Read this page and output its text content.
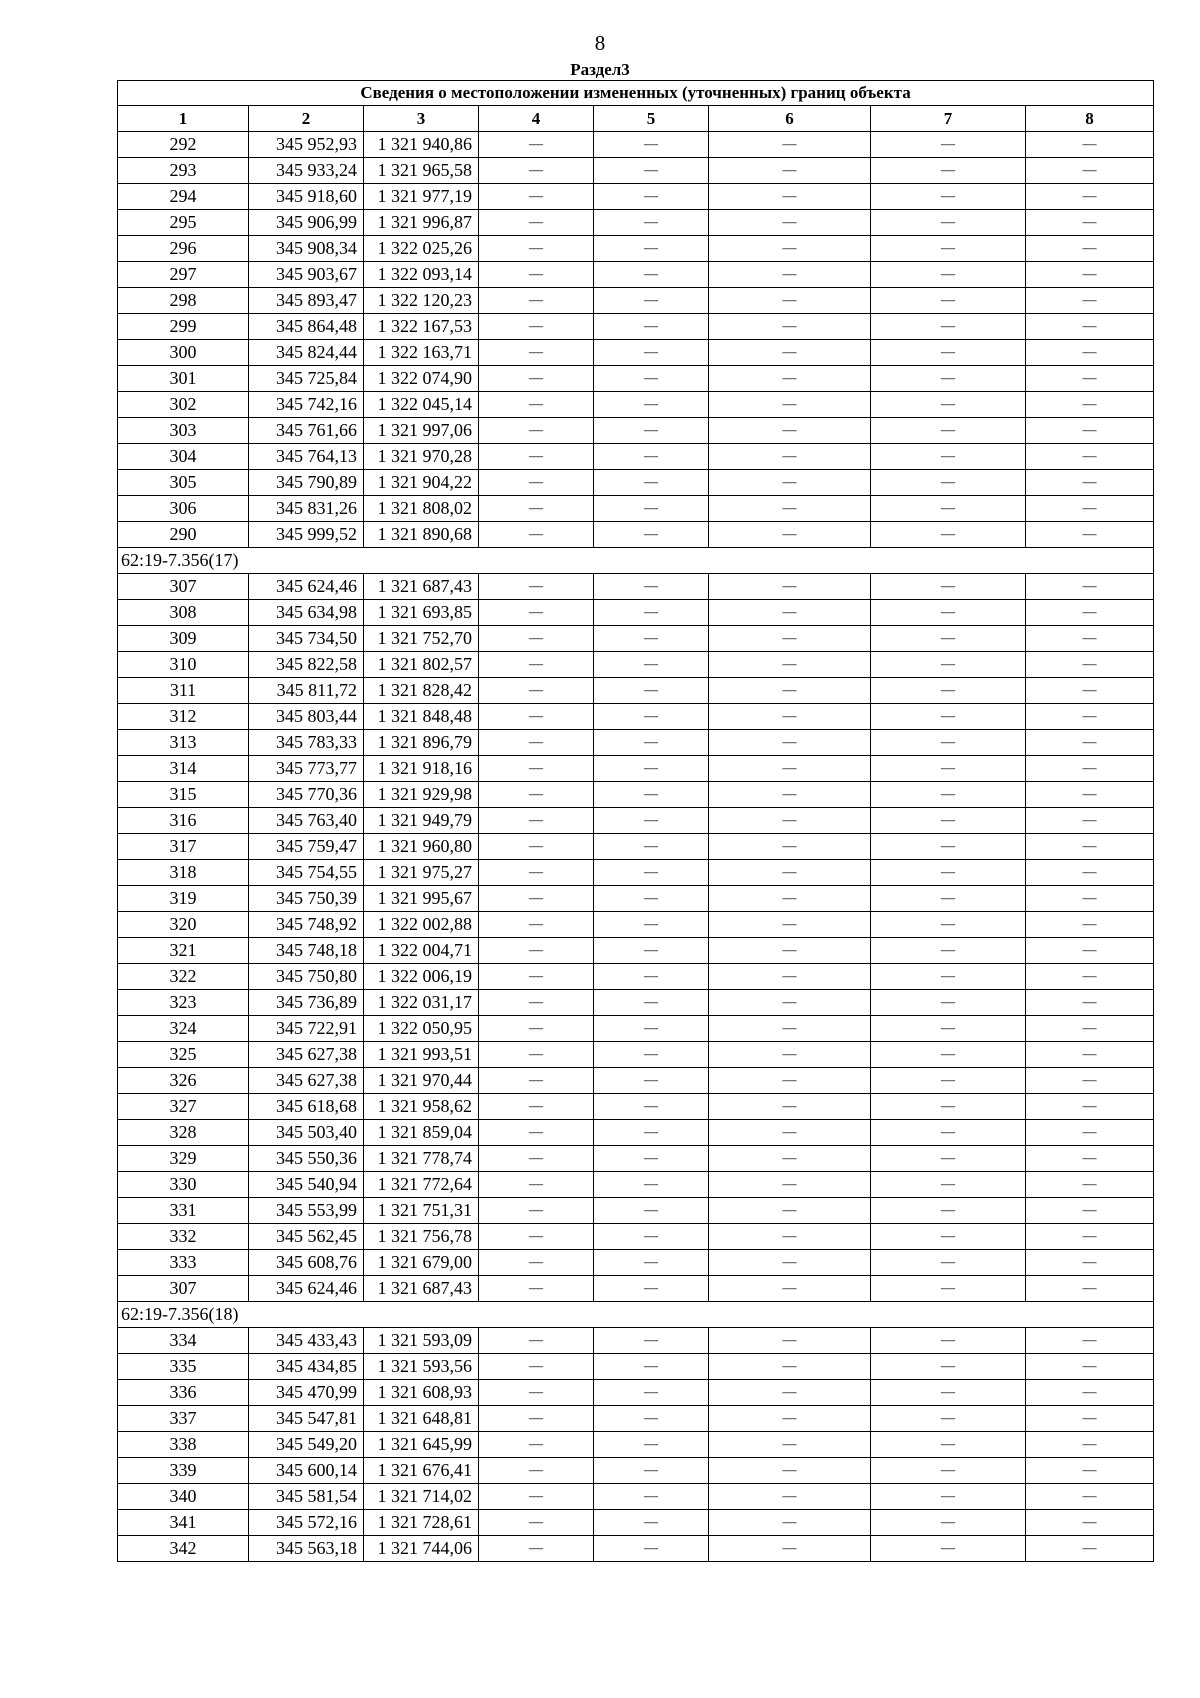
8
Раздел3
Сведения о местоположении измененных (уточненных) границ объекта							
1	2	3	4	5	6	7	8
292	345 952,93	1 321 940,86	—	—	—	—	—
293	345 933,24	1 321 965,58	—	—	—	—	—
294	345 918,60	1 321 977,19	—	—	—	—	—
295	345 906,99	1 321 996,87	—	—	—	—	—
296	345 908,34	1 322 025,26	—	—	—	—	—
297	345 903,67	1 322 093,14	—	—	—	—	—
298	345 893,47	1 322 120,23	—	—	—	—	—
299	345 864,48	1 322 167,53	—	—	—	—	—
300	345 824,44	1 322 163,71	—	—	—	—	—
301	345 725,84	1 322 074,90	—	—	—	—	—
302	345 742,16	1 322 045,14	—	—	—	—	—
303	345 761,66	1 321 997,06	—	—	—	—	—
304	345 764,13	1 321 970,28	—	—	—	—	—
305	345 790,89	1 321 904,22	—	—	—	—	—
306	345 831,26	1 321 808,02	—	—	—	—	—
290	345 999,52	1 321 890,68	—	—	—	—	—
62:19-7.356(17)							
307	345 624,46	1 321 687,43	—	—	—	—	—
308	345 634,98	1 321 693,85	—	—	—	—	—
309	345 734,50	1 321 752,70	—	—	—	—	—
310	345 822,58	1 321 802,57	—	—	—	—	—
311	345 811,72	1 321 828,42	—	—	—	—	—
312	345 803,44	1 321 848,48	—	—	—	—	—
313	345 783,33	1 321 896,79	—	—	—	—	—
314	345 773,77	1 321 918,16	—	—	—	—	—
315	345 770,36	1 321 929,98	—	—	—	—	—
316	345 763,40	1 321 949,79	—	—	—	—	—
317	345 759,47	1 321 960,80	—	—	—	—	—
318	345 754,55	1 321 975,27	—	—	—	—	—
319	345 750,39	1 321 995,67	—	—	—	—	—
320	345 748,92	1 322 002,88	—	—	—	—	—
321	345 748,18	1 322 004,71	—	—	—	—	—
322	345 750,80	1 322 006,19	—	—	—	—	—
323	345 736,89	1 322 031,17	—	—	—	—	—
324	345 722,91	1 322 050,95	—	—	—	—	—
325	345 627,38	1 321 993,51	—	—	—	—	—
326	345 627,38	1 321 970,44	—	—	—	—	—
327	345 618,68	1 321 958,62	—	—	—	—	—
328	345 503,40	1 321 859,04	—	—	—	—	—
329	345 550,36	1 321 778,74	—	—	—	—	—
330	345 540,94	1 321 772,64	—	—	—	—	—
331	345 553,99	1 321 751,31	—	—	—	—	—
332	345 562,45	1 321 756,78	—	—	—	—	—
333	345 608,76	1 321 679,00	—	—	—	—	—
307	345 624,46	1 321 687,43	—	—	—	—	—
62:19-7.356(18)							
334	345 433,43	1 321 593,09	—	—	—	—	—
335	345 434,85	1 321 593,56	—	—	—	—	—
336	345 470,99	1 321 608,93	—	—	—	—	—
337	345 547,81	1 321 648,81	—	—	—	—	—
338	345 549,20	1 321 645,99	—	—	—	—	—
339	345 600,14	1 321 676,41	—	—	—	—	—
340	345 581,54	1 321 714,02	—	—	—	—	—
341	345 572,16	1 321 728,61	—	—	—	—	—
342	345 563,18	1 321 744,06	—	—	—	—	—
